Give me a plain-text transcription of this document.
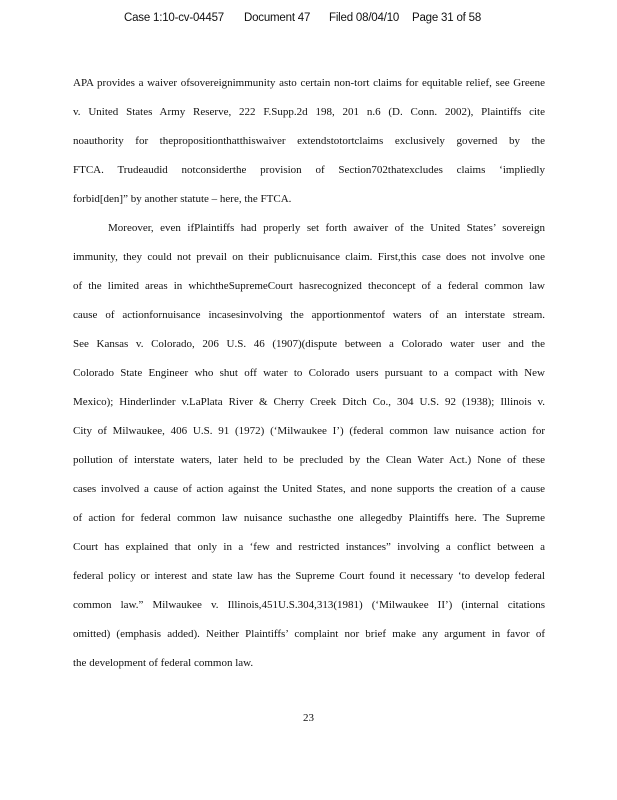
Case 1:10-cv-04457 Document 47 Filed 08/04/10 Page 31 of 58
APA provides a waiver ofsovereignimmunity asto certain non-tort claims for equitable relief, see Greene
v. United States Army Reserve, 222 F.Supp.2d 198, 201 n.6 (D. Conn. 2002), Plaintiffs cite
noauthority for thepropositionthatthiswaiver extendstotortclaims exclusively governed by the
FTCA. Trudeaudid notconsiderthe provision of Section702thatexcludes claims ‘impliedly
forbid[den]” by another statute – here, the FTCA.
Moreover, even ifPlaintiffs had properly set forth awaiver of the United States’ sovereign
immunity, they could not prevail on their publicnuisance claim. First,this case does not involve one
of the limited areas in whichtheSupremeCourt hasrecognized theconcept of a federal common law
cause of actionfornuisance incasesinvolving the apportionmentof waters of an interstate stream.
See Kansas v. Colorado, 206 U.S. 46 (1907)(dispute between a Colorado water user and the
Colorado State Engineer who shut off water to Colorado users pursuant to a compact with New
Mexico); Hinderlinder v.LaPlata River & Cherry Creek Ditch Co., 304 U.S. 92 (1938); Illinois v.
City of Milwaukee, 406 U.S. 91 (1972) (‘Milwaukee I’) (federal common law nuisance action for
pollution of interstate waters, later held to be precluded by the Clean Water Act.) None of these
cases involved a cause of action against the United States, and none supports the creation of a cause
of action for federal common law nuisance suchasthe one allegedby Plaintiffs here. The Supreme
Court has explained that only in a ‘few and restricted instances” involving a conflict between a
federal policy or interest and state law has the Supreme Court found it necessary ‘to develop federal
common law.” Milwaukee v. Illinois,451U.S.304,313(1981) (‘Milwaukee II’) (internal citations
omitted) (emphasis added). Neither Plaintiffs’ complaint nor brief make any argument in favor of
the development of federal common law.
23
